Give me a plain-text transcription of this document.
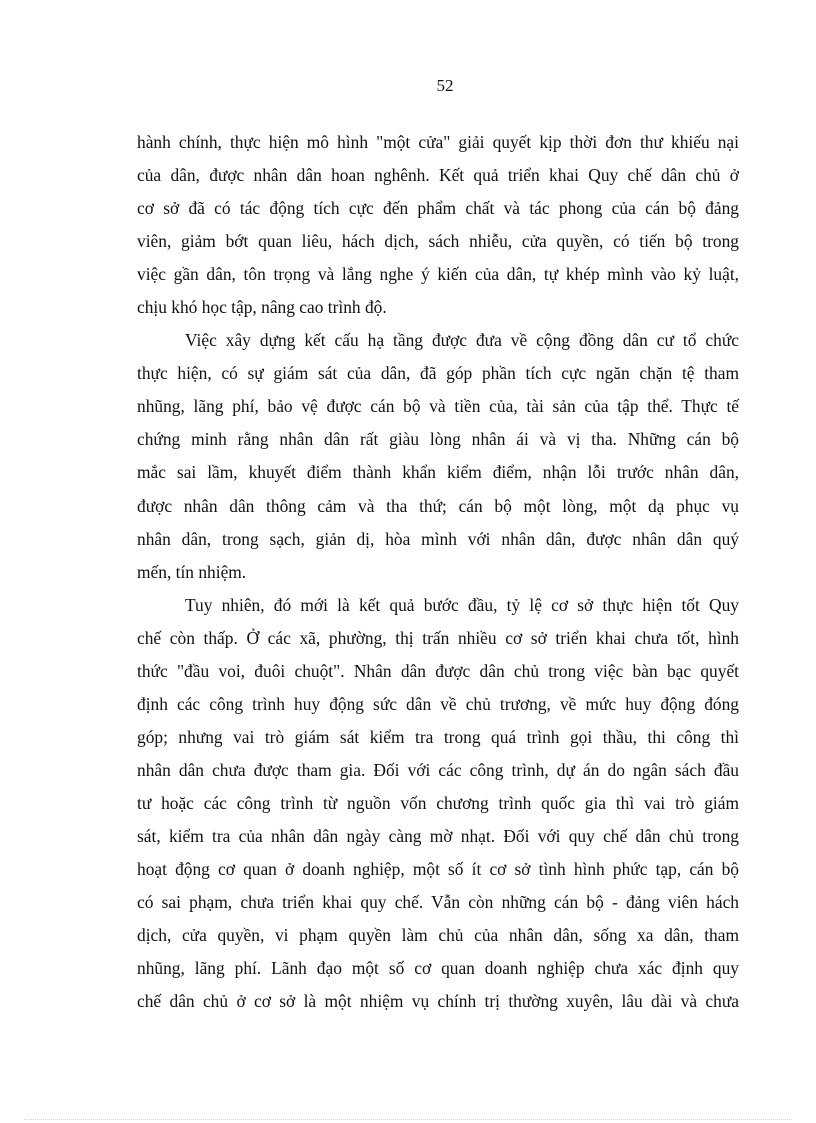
52
hành chính, thực hiện mô hình "một cửa" giải quyết kịp thời đơn thư khiếu nại
của dân, được nhân dân hoan nghênh. Kết quả triển khai Quy chế dân chủ ở
cơ sở đã có tác động tích cực đến phẩm chất và tác phong của cán bộ đảng
viên, giảm bớt quan liêu, hách dịch, sách nhiễu, cửa quyền, có tiến bộ trong
việc gần dân, tôn trọng và lắng nghe ý kiến của dân, tự khép mình vào kỷ luật,
chịu khó học tập, nâng cao trình độ.
Việc xây dựng kết cấu hạ tầng được đưa về cộng đồng dân cư tổ chức
thực hiện, có sự giám sát của dân, đã góp phần tích cực ngăn chặn tệ tham
nhũng, lãng phí, bảo vệ được cán bộ và tiền của, tài sản của tập thể. Thực tế
chứng minh rằng nhân dân rất giàu lòng nhân ái và vị tha. Những cán bộ
mắc sai lầm, khuyết điểm thành khẩn kiểm điểm, nhận lỗi trước nhân dân,
được nhân dân thông cảm và tha thứ; cán bộ một lòng, một dạ phục vụ
nhân dân, trong sạch, giản dị, hòa mình với nhân dân, được nhân dân quý
mến, tín nhiệm.
Tuy nhiên, đó mới là kết quả bước đầu, tỷ lệ cơ sở thực hiện tốt Quy
chế còn thấp. Ở các xã, phường, thị trấn nhiều cơ sở triển khai chưa tốt, hình
thức "đầu voi, đuôi chuột". Nhân dân được dân chủ trong việc bàn bạc quyết
định các công trình huy động sức dân về chủ trương, về mức huy động đóng
góp; nhưng vai trò giám sát kiểm tra trong quá trình gọi thầu, thi công thì
nhân dân chưa được tham gia. Đối với các công trình, dự án do ngân sách đầu
tư hoặc các công trình từ nguồn vốn chương trình quốc gia thì vai trò giám
sát, kiểm tra của nhân dân ngày càng mờ nhạt. Đối với quy chế dân chủ trong
hoạt động cơ quan ở doanh nghiệp, một số ít cơ sở tình hình phức tạp, cán bộ
có sai phạm, chưa triển khai quy chế. Vẫn còn những cán bộ - đảng viên hách
dịch, cửa quyền, vi phạm quyền làm chủ của nhân dân, sống xa dân, tham
nhũng, lãng phí. Lãnh đạo một số cơ quan doanh nghiệp chưa xác định quy
chế dân chủ ở cơ sở là một nhiệm vụ chính trị thường xuyên, lâu dài và chưa
